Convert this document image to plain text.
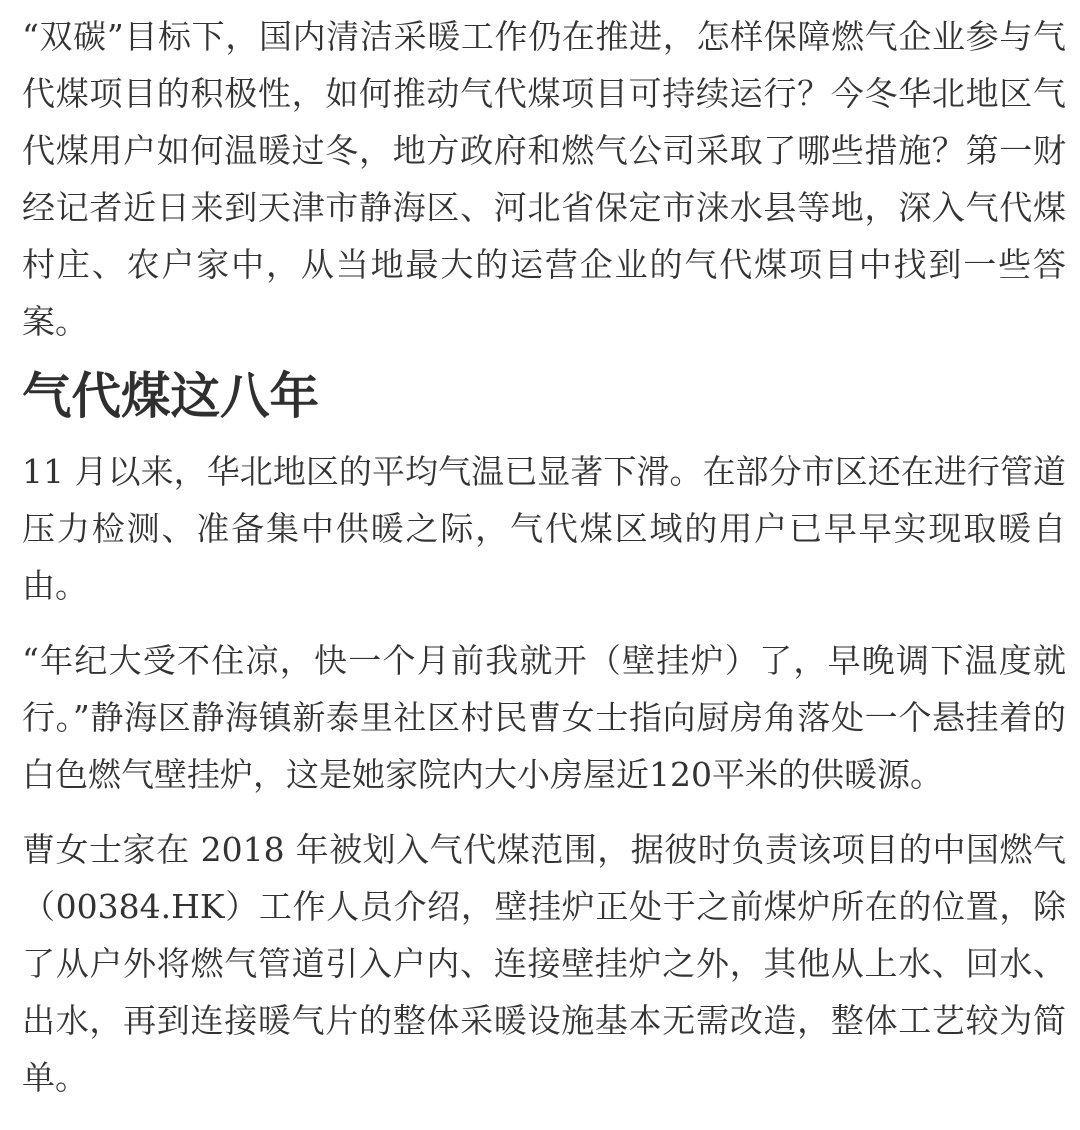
“双碳”目标下，国内清洁采暖工作仍在推进，怎样保障燃气企业参与气代煤项目的积极性，如何推动气代煤项目可持续运行？今冬华北地区气代煤用户如何温暖过冬，地方政府和燃气公司采取了哪些措施？第一财经记者近日来到天津市静海区、河北省保定市涞水县等地，深入气代煤村庄、农户家中，从当地最大的运营企业的气代煤项目中找到一些答案。

气代煤这八年

11 月以来，华北地区的平均气温已显著下滑。在部分市区还在进行管道压力检测、准备集中供暖之际，气代煤区域的用户已早早实现取暖自由。

“年纪大受不住凉，快一个月前我就开（壁挂炉）了，早晚调下温度就行。”静海区静海镇新泰里社区村民曹女士指向厨房角落处一个悬挂着的白色燃气壁挂炉，这是她家院内大小房屋近120平米的供暖源。

曹女士家在 2018 年被划入气代煤范围，据彼时负责该项目的中国燃气（00384.HK）工作人员介绍，壁挂炉正处于之前煤炉所在的位置，除了从户外将燃气管道引入户内、连接壁挂炉之外，其他从上水、回水、出水，再到连接暖气片的整体采暖设施基本无需改造，整体工艺较为简单。
